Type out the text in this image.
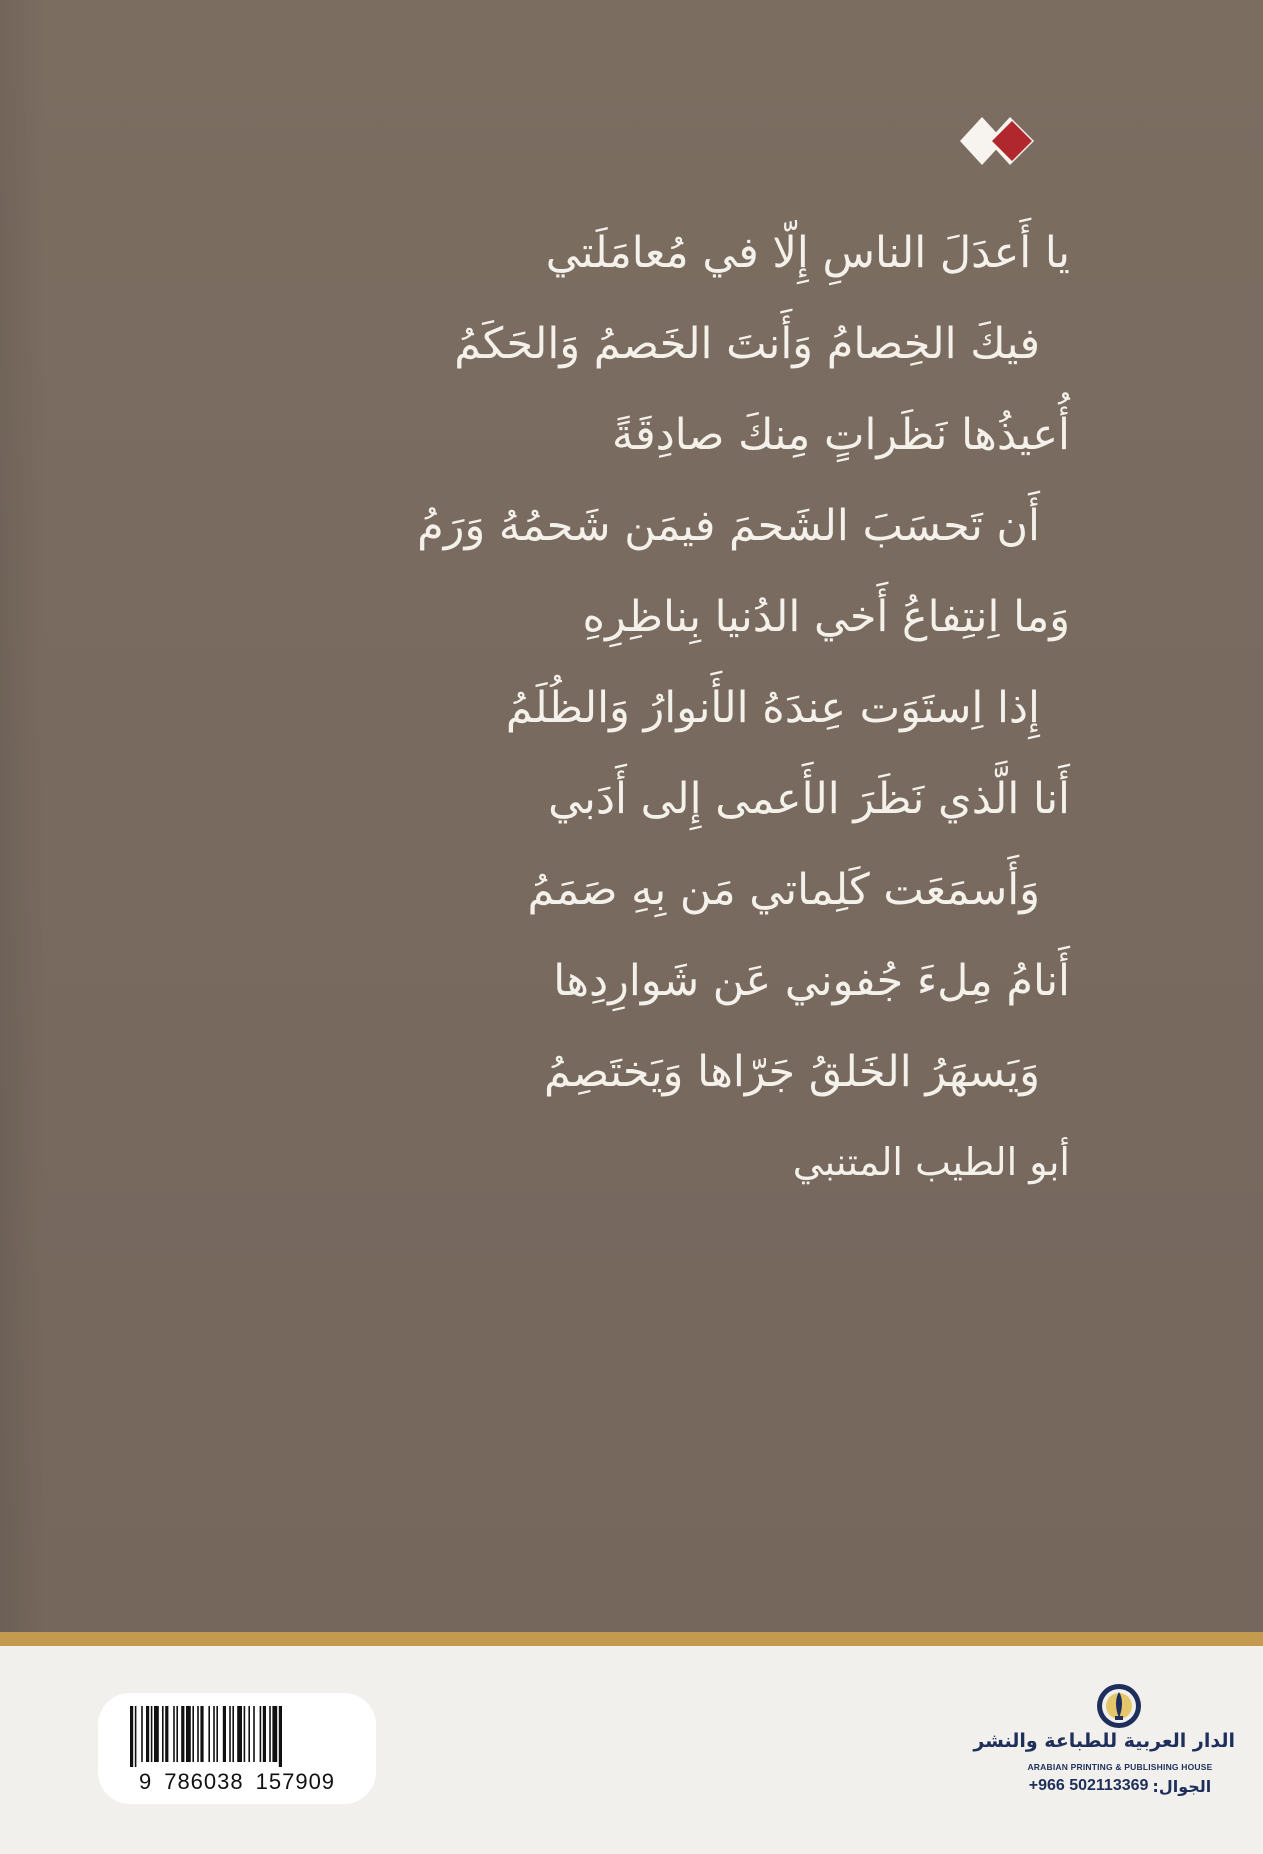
يا أَعدَلَ الناسِ إِلّا في مُعامَلَتي
فيكَ الخِصامُ وَأَنتَ الخَصمُ وَالحَكَمُ
أُعيذُها نَظَراتٍ مِنكَ صادِقَةً
أَن تَحسَبَ الشَحمَ فيمَن شَحمُهُ وَرَمُ
وَما اِنتِفاعُ أَخي الدُنيا بِناظِرِهِ
إِذا اِستَوَت عِندَهُ الأَنوارُ وَالظُلَمُ
أَنا الَّذي نَظَرَ الأَعمى إِلى أَدَبي
وَأَسمَعَت كَلِماتي مَن بِهِ صَمَمُ
أَنامُ مِلءَ جُفوني عَن شَوارِدِها
وَيَسهَرُ الخَلقُ جَرّاها وَيَختَصِمُ
أبو الطيب المتنبي
9 786038 157909
الدار العربية للطباعة والنشر
ARABIAN PRINTING & PUBLISHING HOUSE
+966 502113369 الجوال:
